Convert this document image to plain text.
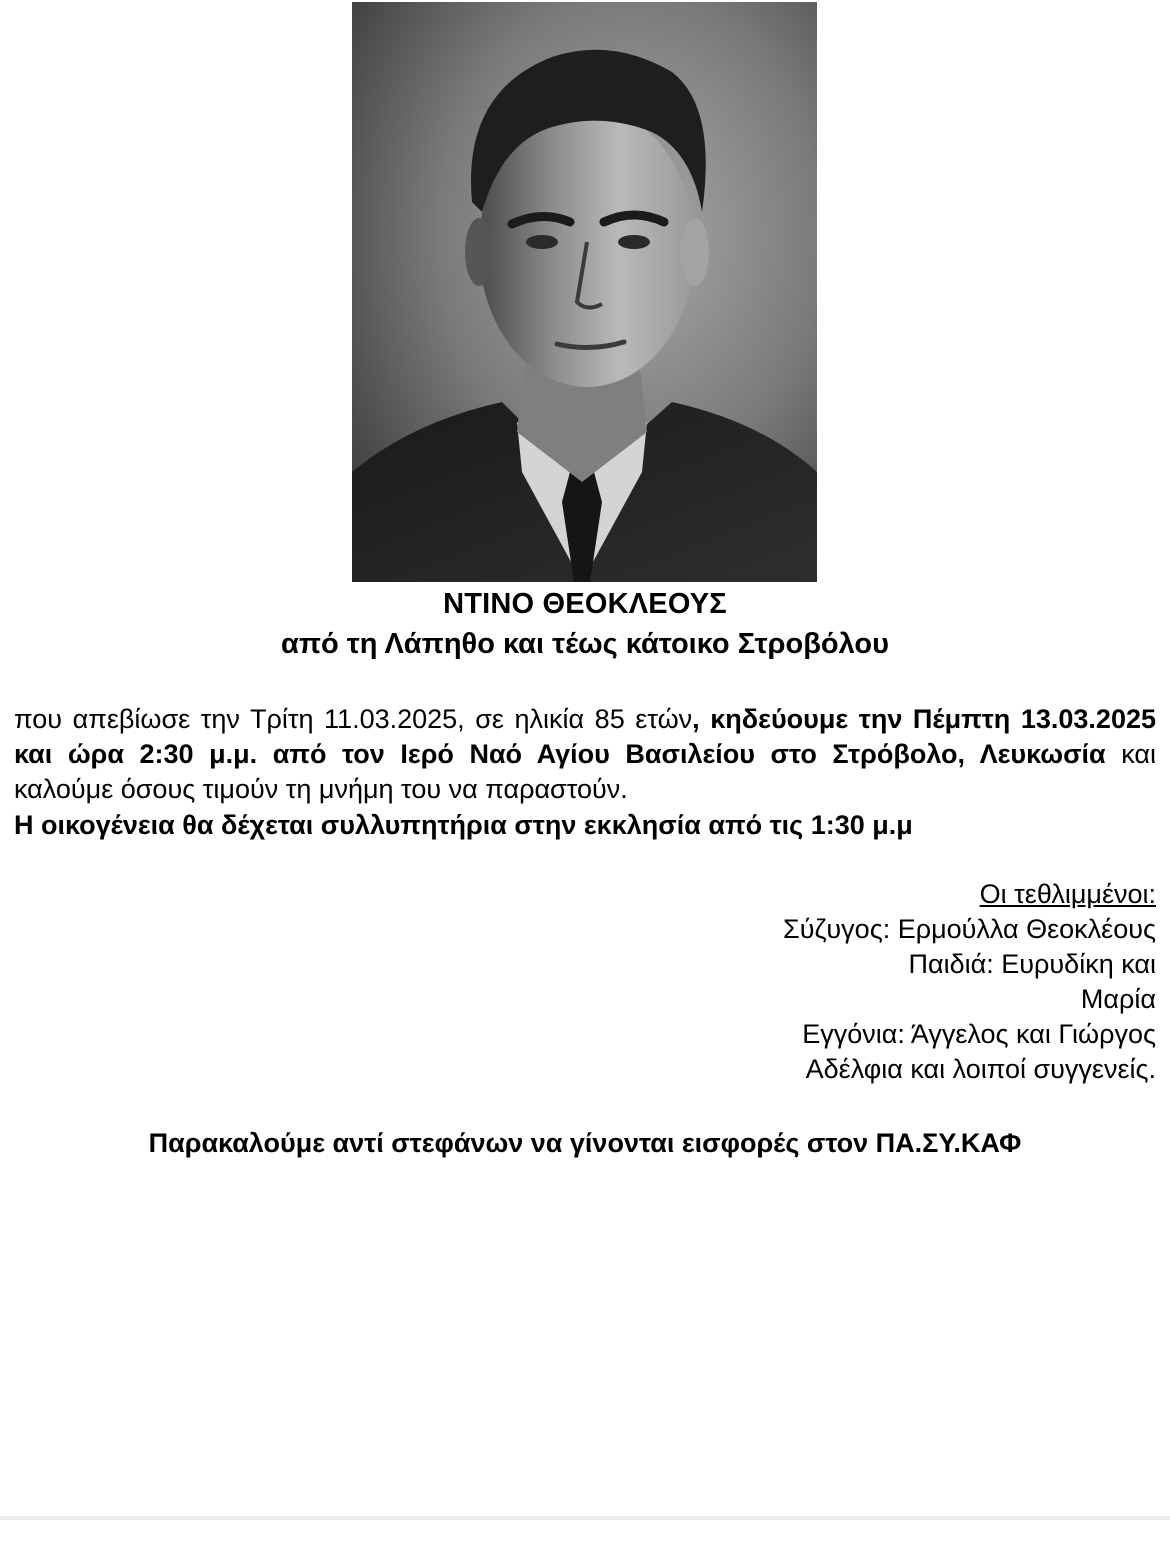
ΝΤΙΝΟ ΘΕΟΚΛΕΟΥΣ

από τη Λάπηθο και τέως κάτοικο Στροβόλου

που απεβίωσε την Τρίτη 11.03.2025, σε ηλικία 85 ετών, κηδεύουμε την Πέμπτη 13.03.2025 και ώρα 2:30 μ.μ. από τον Ιερό Ναό Αγίου Βασιλείου στο Στρόβολο, Λευκωσία και καλούμε όσους τιμούν τη μνήμη του να παραστούν.

Η οικογένεια θα δέχεται συλλυπητήρια στην εκκλησία από τις 1:30 μ.μ

Οι τεθλιμμένοι:
Σύζυγος: Ερμούλλα Θεοκλέους
Παιδιά: Ευρυδίκη και Μαρία
Εγγόνια: Άγγελος και Γιώργος
Αδέλφια και λοιποί συγγενείς.

Παρακαλούμε αντί στεφάνων να γίνονται εισφορές στον ΠΑ.ΣΥ.ΚΑΦ
